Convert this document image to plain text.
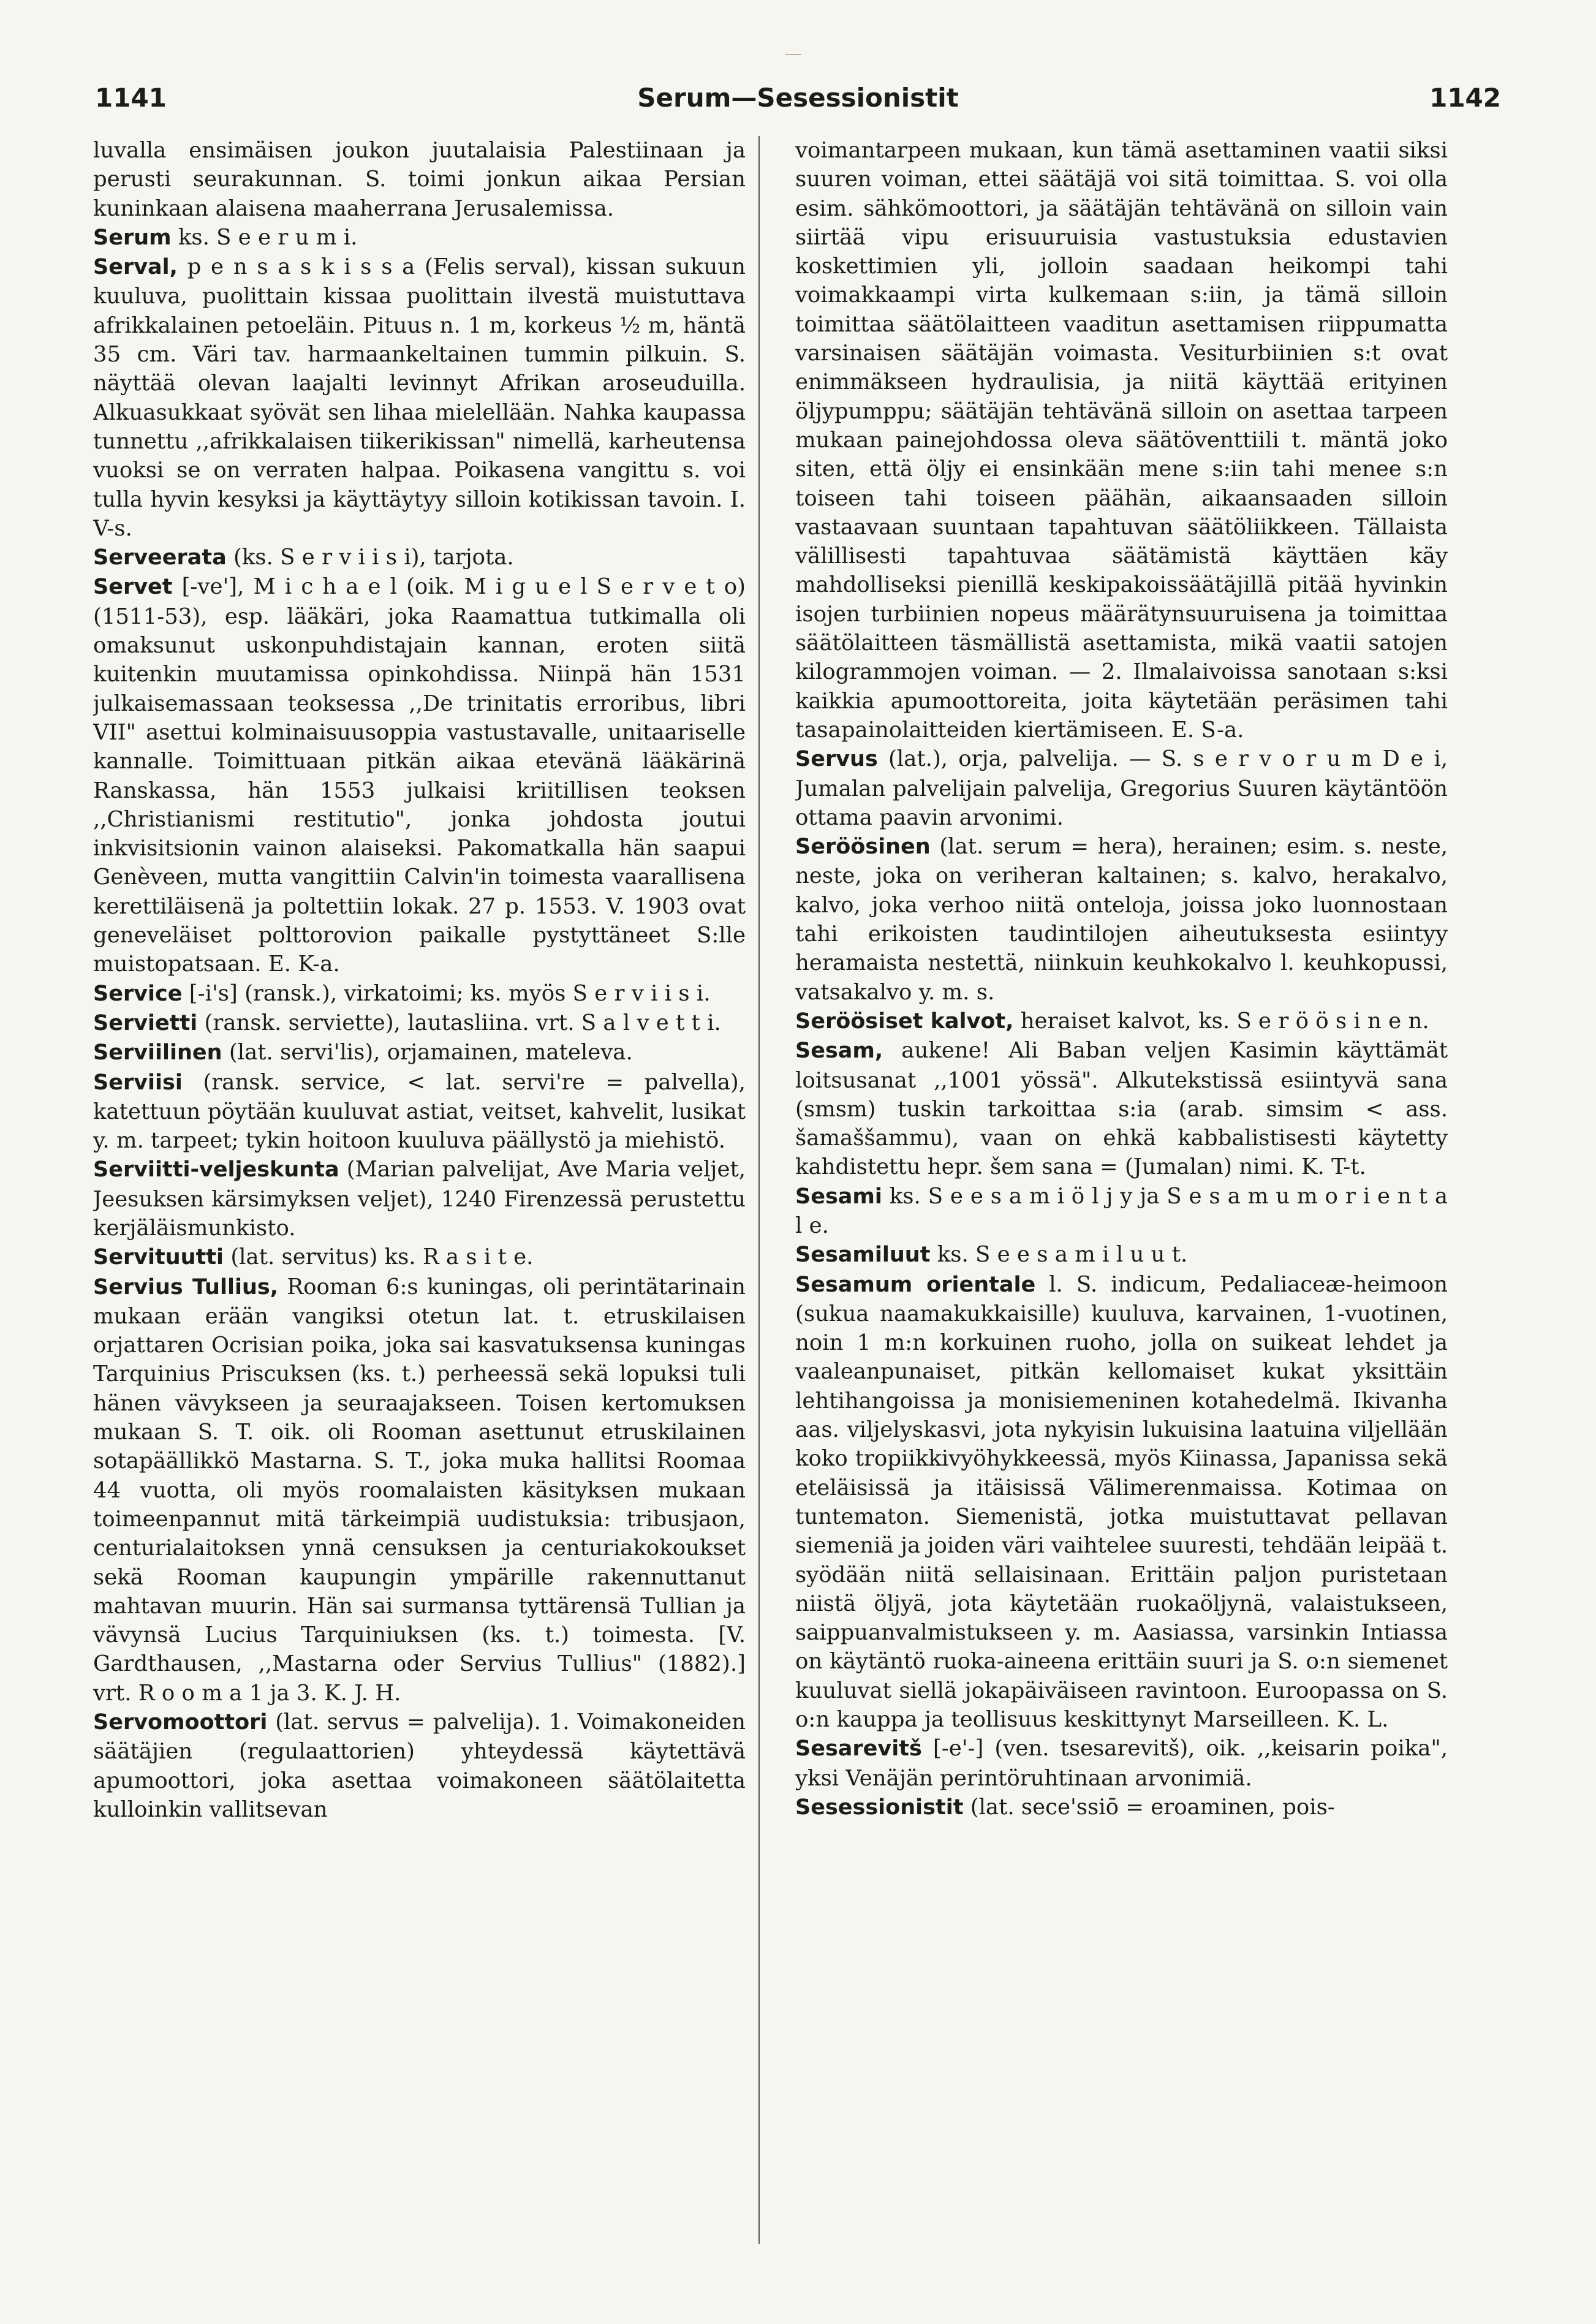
1141	Serum—Sesessionistit	1142

luvalla ensimäisen joukon juutalaisia Palestiinaan ja perusti seurakunnan. S. toimi jonkun aikaa Persian kuninkaan alaisena maaherrana Jerusalemissa.

Serum ks. S e e r u m i.

Serval, p e n s a s k i s s a (Felis serval), kissan sukuun kuuluva, puolittain kissaa puolittain ilvestä muistuttava afrikkalainen petoeläin. Pituus n. 1 m, korkeus ½ m, häntä 35 cm. Väri tav. harmaankeltainen tummin pilkuin. S. näyttää olevan laajalti levinnyt Afrikan aroseuduilla. Alkuasukkaat syövät sen lihaa mielellään. Nahka kaupassa tunnettu ,,afrikkalaisen tiikerikissan" nimellä, karheutensa vuoksi se on verraten halpaa. Poikasena vangittu s. voi tulla hyvin kesyksi ja käyttäytyy silloin kotikissan tavoin. I. V-s.

Serveerata (ks. S e r v i i s i), tarjota.

Servet [-ve'], M i c h a e l (oik. M i g u e l S e r v e t o) (1511-53), esp. lääkäri, joka Raamattua tutkimalla oli omaksunut uskonpuhdistajain kannan, eroten siitä kuitenkin muutamissa opinkohdissa. Niinpä hän 1531 julkaisemassaan teoksessa ,,De trinitatis erroribus, libri VII" asettui kolminaisuusoppia vastustavalle, unitaariselle kannalle. Toimittuaan pitkän aikaa etevänä lääkärinä Ranskassa, hän 1553 julkaisi kriitillisen teoksen ,,Christianismi restitutio", jonka johdosta joutui inkvisitsionin vainon alaiseksi. Pakomatkalla hän saapui Genèveen, mutta vangittiin Calvin'in toimesta vaarallisena kerettiläisenä ja poltettiin lokak. 27 p. 1553. V. 1903 ovat geneveläiset polttorovion paikalle pystyttäneet S:lle muistopatsaan. E. K-a.

Service [-i's] (ransk.), virkatoimi; ks. myös S e r v i i s i.

Servietti (ransk. serviette), lautasliina. vrt. S a l v e t t i.

Serviilinen (lat. servi'lis), orjamainen, mateleva.

Serviisi (ransk. service, < lat. servi're = palvella), katettuun pöytään kuuluvat astiat, veitset, kahvelit, lusikat y. m. tarpeet; tykin hoitoon kuuluva päällystö ja miehistö.

Serviitti-veljeskunta (Marian palvelijat, Ave Maria veljet, Jeesuksen kärsimyksen veljet), 1240 Firenzessä perustettu kerjäläismunkisto.

Servituutti (lat. servitus) ks. R a s i t e.

Servius Tullius, Rooman 6:s kuningas, oli perintätarinain mukaan erään vangiksi otetun lat. t. etruskilaisen orjattaren Ocrisian poika, joka sai kasvatuksensa kuningas Tarquinius Priscuksen (ks. t.) perheessä sekä lopuksi tuli hänen vävykseen ja seuraajakseen. Toisen kertomuksen mukaan S. T. oik. oli Rooman asettunut etruskilainen sotapäällikkö Mastarna. S. T., joka muka hallitsi Roomaa 44 vuotta, oli myös roomalaisten käsityksen mukaan toimeenpannut mitä tärkeimpiä uudistuksia: tribusjaon, centurialaitoksen ynnä censuksen ja centuriakokoukset sekä Rooman kaupungin ympärille rakennuttanut mahtavan muurin. Hän sai surmansa tyttärensä Tullian ja vävynsä Lucius Tarquiniuksen (ks. t.) toimesta. [V. Gardthausen, ,,Mastarna oder Servius Tullius" (1882).] vrt. R o o m a 1 ja 3. K. J. H.

Servomoottori (lat. servus = palvelija). 1. Voimakoneiden säätäjien (regulaattorien) yhteydessä käytettävä apumoottori, joka asettaa voimakoneen säätölaitetta kulloinkin vallitsevan

voimantarpeen mukaan, kun tämä asettaminen vaatii siksi suuren voiman, ettei säätäjä voi sitä toimittaa. S. voi olla esim. sähkömoottori, ja säätäjän tehtävänä on silloin vain siirtää vipu erisuuruisia vastustuksia edustavien koskettimien yli, jolloin saadaan heikompi tahi voimakkaampi virta kulkemaan s:iin, ja tämä silloin toimittaa säätölaitteen vaaditun asettamisen riippumatta varsinaisen säätäjän voimasta. Vesiturbiinien s:t ovat enimmäkseen hydraulisia, ja niitä käyttää erityinen öljypumppu; säätäjän tehtävänä silloin on asettaa tarpeen mukaan painejohdossa oleva säätöventtiili t. mäntä joko siten, että öljy ei ensinkään mene s:iin tahi menee s:n toiseen tahi toiseen päähän, aikaansaaden silloin vastaavaan suuntaan tapahtuvan säätöliikkeen. Tällaista välillisesti tapahtuvaa säätämistä käyttäen käy mahdolliseksi pienillä keskipakoissäätäjillä pitää hyvinkin isojen turbiinien nopeus määrätynsuuruisena ja toimittaa säätölaitteen täsmällistä asettamista, mikä vaatii satojen kilogrammojen voiman. — 2. Ilmalaivoissa sanotaan s:ksi kaikkia apumoottoreita, joita käytetään peräsimen tahi tasapainolaitteiden kiertämiseen. E. S-a.

Servus (lat.), orja, palvelija. — S. s e r v o r u m D e i, Jumalan palvelijain palvelija, Gregorius Suuren käytäntöön ottama paavin arvonimi.

Seröösinen (lat. serum = hera), herainen; esim. s. neste, neste, joka on veriheran kaltainen; s. kalvo, herakalvo, kalvo, joka verhoo niitä onteloja, joissa joko luonnostaan tahi erikoisten taudintilojen aiheutuksesta esiintyy heramaista nestettä, niinkuin keuhkokalvo l. keuhkopussi, vatsakalvo y. m. s.

Seröösiset kalvot, heraiset kalvot, ks. S e r ö ö s i n e n.

Sesam, aukene! Ali Baban veljen Kasimin käyttämät loitsusanat ,,1001 yössä". Alkutekstissä esiintyvä sana (smsm) tuskin tarkoittaa s:ia (arab. simsim < ass. šamaššammu), vaan on ehkä kabbalistisesti käytetty kahdistettu hepr. šem sana = (Jumalan) nimi. K. T-t.

Sesami ks. S e e s a m i ö l j y ja S e s a m u m o r i e n t a l e.

Sesamiluut ks. S e e s a m i l u u t.

Sesamum orientale l. S. indicum, Pedaliaceæ-heimoon (sukua naamakukkaisille) kuuluva, karvainen, 1-vuotinen, noin 1 m:n korkuinen ruoho, jolla on suikeat lehdet ja vaaleanpunaiset, pitkän kellomaiset kukat yksittäin lehtihangoissa ja monisiemeninen kotahedelmä. Ikivanha aas. viljelyskasvi, jota nykyisin lukuisina laatuina viljellään koko tropiikkivyöhykkeessä, myös Kiinassa, Japanissa sekä eteläisissä ja itäisissä Välimerenmaissa. Kotimaa on tuntematon. Siemenistä, jotka muistuttavat pellavan siemeniä ja joiden väri vaihtelee suuresti, tehdään leipää t. syödään niitä sellaisinaan. Erittäin paljon puristetaan niistä öljyä, jota käytetään ruokaöljynä, valaistukseen, saippuanvalmistukseen y. m. Aasiassa, varsinkin Intiassa on käytäntö ruoka-aineena erittäin suuri ja S. o:n siemenet kuuluvat siellä jokapäiväiseen ravintoon. Euroopassa on S. o:n kauppa ja teollisuus keskittynyt Marseilleen. K. L.

Sesarevitš [-e'-] (ven. tsesarevitš), oik. ,,keisarin poika", yksi Venäjän perintöruhtinaan arvonimiä.

Sesessionistit (lat. sece'ssiō = eroaminen, pois-
